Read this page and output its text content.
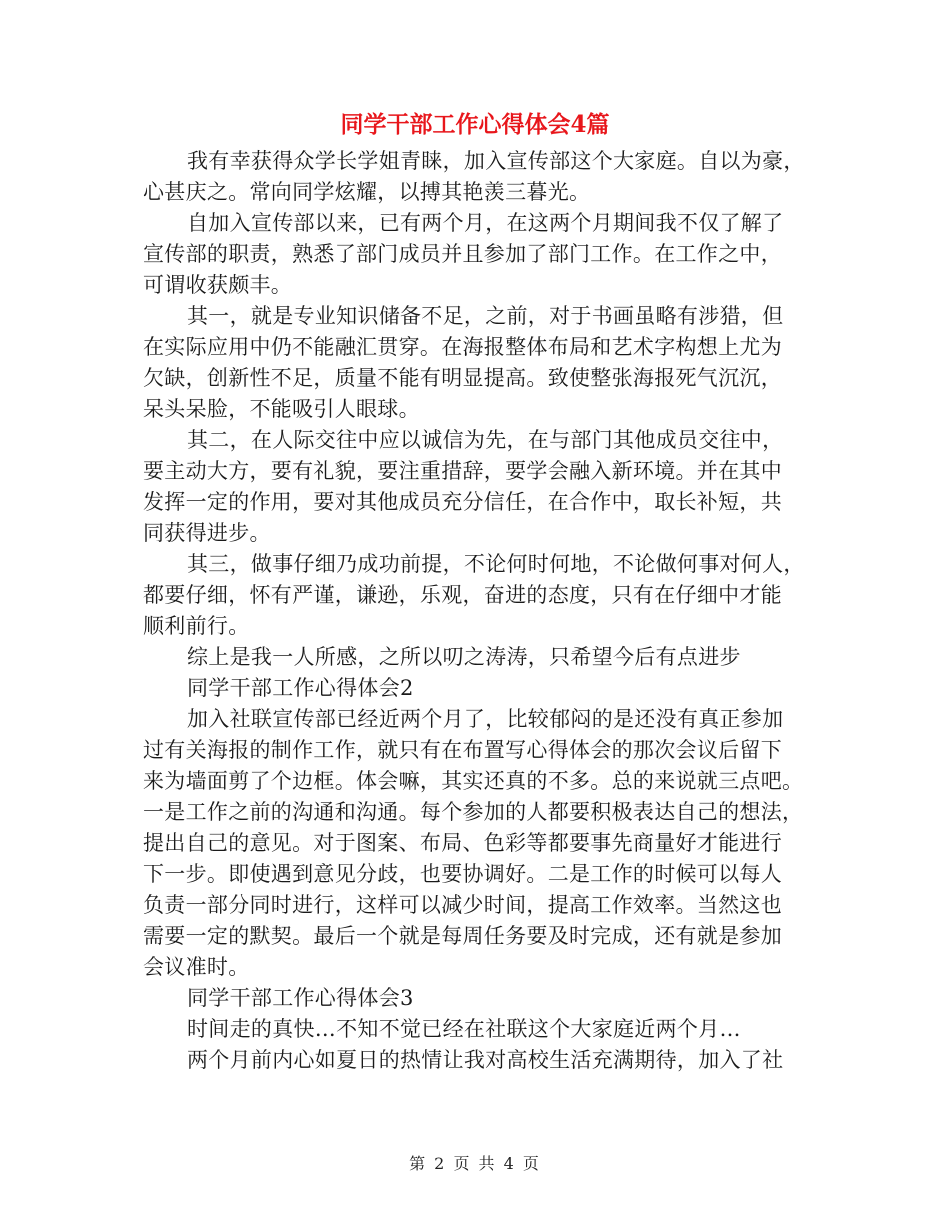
同学干部工作心得体会4篇

我有幸获得众学长学姐青睐，加入宣传部这个大家庭。自以为豪，
心甚庆之。常向同学炫耀，以搏其艳羡三暮光。

自加入宣传部以来，已有两个月，在这两个月期间我不仅了解了
宣传部的职责，熟悉了部门成员并且参加了部门工作。在工作之中，
可谓收获颇丰。

其一，就是专业知识储备不足，之前，对于书画虽略有涉猎，但
在实际应用中仍不能融汇贯穿。在海报整体布局和艺术字构想上尤为
欠缺，创新性不足，质量不能有明显提高。致使整张海报死气沉沉，
呆头呆脸，不能吸引人眼球。

其二，在人际交往中应以诚信为先，在与部门其他成员交往中，
要主动大方，要有礼貌，要注重措辞，要学会融入新环境。并在其中
发挥一定的作用，要对其他成员充分信任，在合作中，取长补短，共
同获得进步。

其三，做事仔细乃成功前提，不论何时何地，不论做何事对何人，
都要仔细，怀有严谨，谦逊，乐观，奋进的态度，只有在仔细中才能
顺利前行。

综上是我一人所感，之所以叨之涛涛，只希望今后有点进步

同学干部工作心得体会2

加入社联宣传部已经近两个月了，比较郁闷的是还没有真正参加
过有关海报的制作工作，就只有在布置写心得体会的那次会议后留下
来为墙面剪了个边框。体会嘛，其实还真的不多。总的来说就三点吧。
一是工作之前的沟通和沟通。每个参加的人都要积极表达自己的想法，
提出自己的意见。对于图案、布局、色彩等都要事先商量好才能进行
下一步。即使遇到意见分歧，也要协调好。二是工作的时候可以每人
负责一部分同时进行，这样可以减少时间，提高工作效率。当然这也
需要一定的默契。最后一个就是每周任务要及时完成，还有就是参加
会议准时。

同学干部工作心得体会3

时间走的真快…不知不觉已经在社联这个大家庭近两个月…

两个月前内心如夏日的热情让我对高校生活充满期待，加入了社

第 2 页 共 4 页
